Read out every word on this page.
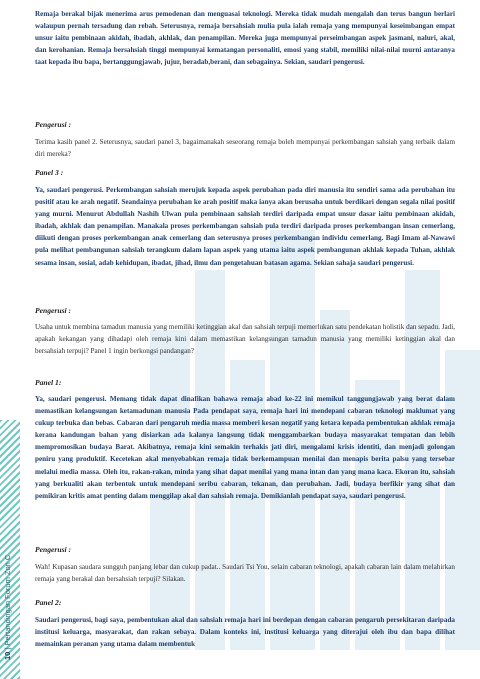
10 | Pertandingan Forum Zon C

Remaja berakal bijak menerima arus pemodenan dan menguasai teknologi. Mereka tidak mudah mengalah dan terus bangun berlari walaupun pernah tersadung dan rebah. Seterusnya, remaja bersahsiah mulia pula ialah remaja yang mempunyai keseimbangan empat unsur iaitu pembinaan akidah, ibadah, akhlak, dan penampilan. Mereka juga mempunyai perseimbangan aspek jasmani, naluri, akal, dan kerohanian. Remaja bersahsiah tinggi mempunyai kematangan personaliti, emosi yang stabil, memiliki nilai-nilai murni antaranya taat kepada ibu bapa, bertanggungjawab, jujur, beradab,berani, dan sebagainya. Sekian, saudari pengerusi.

Pengerusi :

Terima kasih panel 2. Seterusnya, saudari panel 3, bagaimanakah seseorang remaja boleh mempunyai perkembangan sahsiah yang terbaik dalam diri mereka?

Panel 3 :

Ya, saudari pengerusi. Perkembangan sahsiah merujuk kepada aspek perubahan pada diri manusia itu sendiri sama ada perubahan itu positif atau ke arah negatif. Seandainya perubahan ke arah positif maka ianya akan berusaha untuk berdikari dengan segala nilai positif yang murni. Menurut Abdullah Nashih Ulwan pula pembinaan sahsiah terdiri daripada empat unsur dasar iaitu pembinaan akidah, ibadah, akhlak dan penampilan. Manakala proses perkembangan sahsiah pula terdiri daripada proses perkembangan insan cemerlang, diikuti dengan proses perkembangan anak cemerlang dan seterusnya proses perkembangan individu cemerlang. Bagi Imam al-Nawawi pula melihat pembangunan sahsiah terangkum dalam lapan aspek yang utama iaitu aspek pembangunan akhlak kepada Tuhan, akhlak sesama insan, sosial, adab kehidupan, ibadat, jihad, ilmu dan pengetahuan batasan agama. Sekian sahaja saudari pengerusi.

Pengerusi :

Usaha untuk membina tamadun manusia yang memiliki ketinggian akal dan sahsiah terpuji memerlukan satu pendekatan holistik dan sepadu. Jadi, apakah kekangan yang dihadapi oleh remaja kini dalam memastikan kelangsungan tamadun manusia yang memiliki ketinggian akal dan bersahsiah terpuji? Panel 1 ingin berkongsi pandangan?

Panel 1:

Ya, saudari pengerusi. Memang tidak dapat dinafikan bahawa remaja abad ke-22 ini memikul tanggungjawab yang berat dalam memastikan kelangsungan ketamadunan manusia Pada pendapat saya, remaja hari ini mendepani cabaran teknologi maklumat yang cukup terbuka dan bebas. Cabaran dari pengaruh media massa memberi kesan negatif yang ketara kepada pembentukan akhlak remaja kerana kandungan bahan yang disiarkan ada kalanya langsung tidak menggambarkan budaya masyarakat tempatan dan lebih mempromosikan budaya Barat. Akibatnya, remaja kini semakin terhakis jati diri, mengalami krisis identiti, dan menjadi golongan peniru yang produktif. Kecetekan akal menyebabkan remaja tidak berkemampuan menilai dan menapis berita palsu yang tersebar melalui media massa. Oleh itu, rakan-rakan, minda yang sihat dapat menilai yang mana intan dan yang mana kaca. Ekoran itu, sahsiah yang berkualiti akan terbentuk untuk mendepani seribu cabaran, tekanan, dan perubahan. Jadi, budaya berfikir yang sihat dan pemikiran kritis amat penting dalam menggilap akal dan sahsiah remaja. Demikianlah pendapat saya, saudari pengerusi.

Pengerusi :

Wah! Kupasan saudara sungguh panjang lebar dan cukup padat.. Saudari Tsi You, selain cabaran teknologi, apakah cabaran lain dalam melahirkan remaja yang berakal dan bersahsiah terpuji? Silakan.

Panel 2:

Saudari pengerusi, bagi saya, pembentukan akal dan sahsiah remaja hari ini berdepan dengan cabaran pengaruh persekitaran daripada institusi keluarga, masyarakat, dan rakan sebaya. Dalam konteks ini, institusi keluarga yang diterajui oleh ibu dan bapa dilihat memainkan peranan yang utama dalam membentuk
